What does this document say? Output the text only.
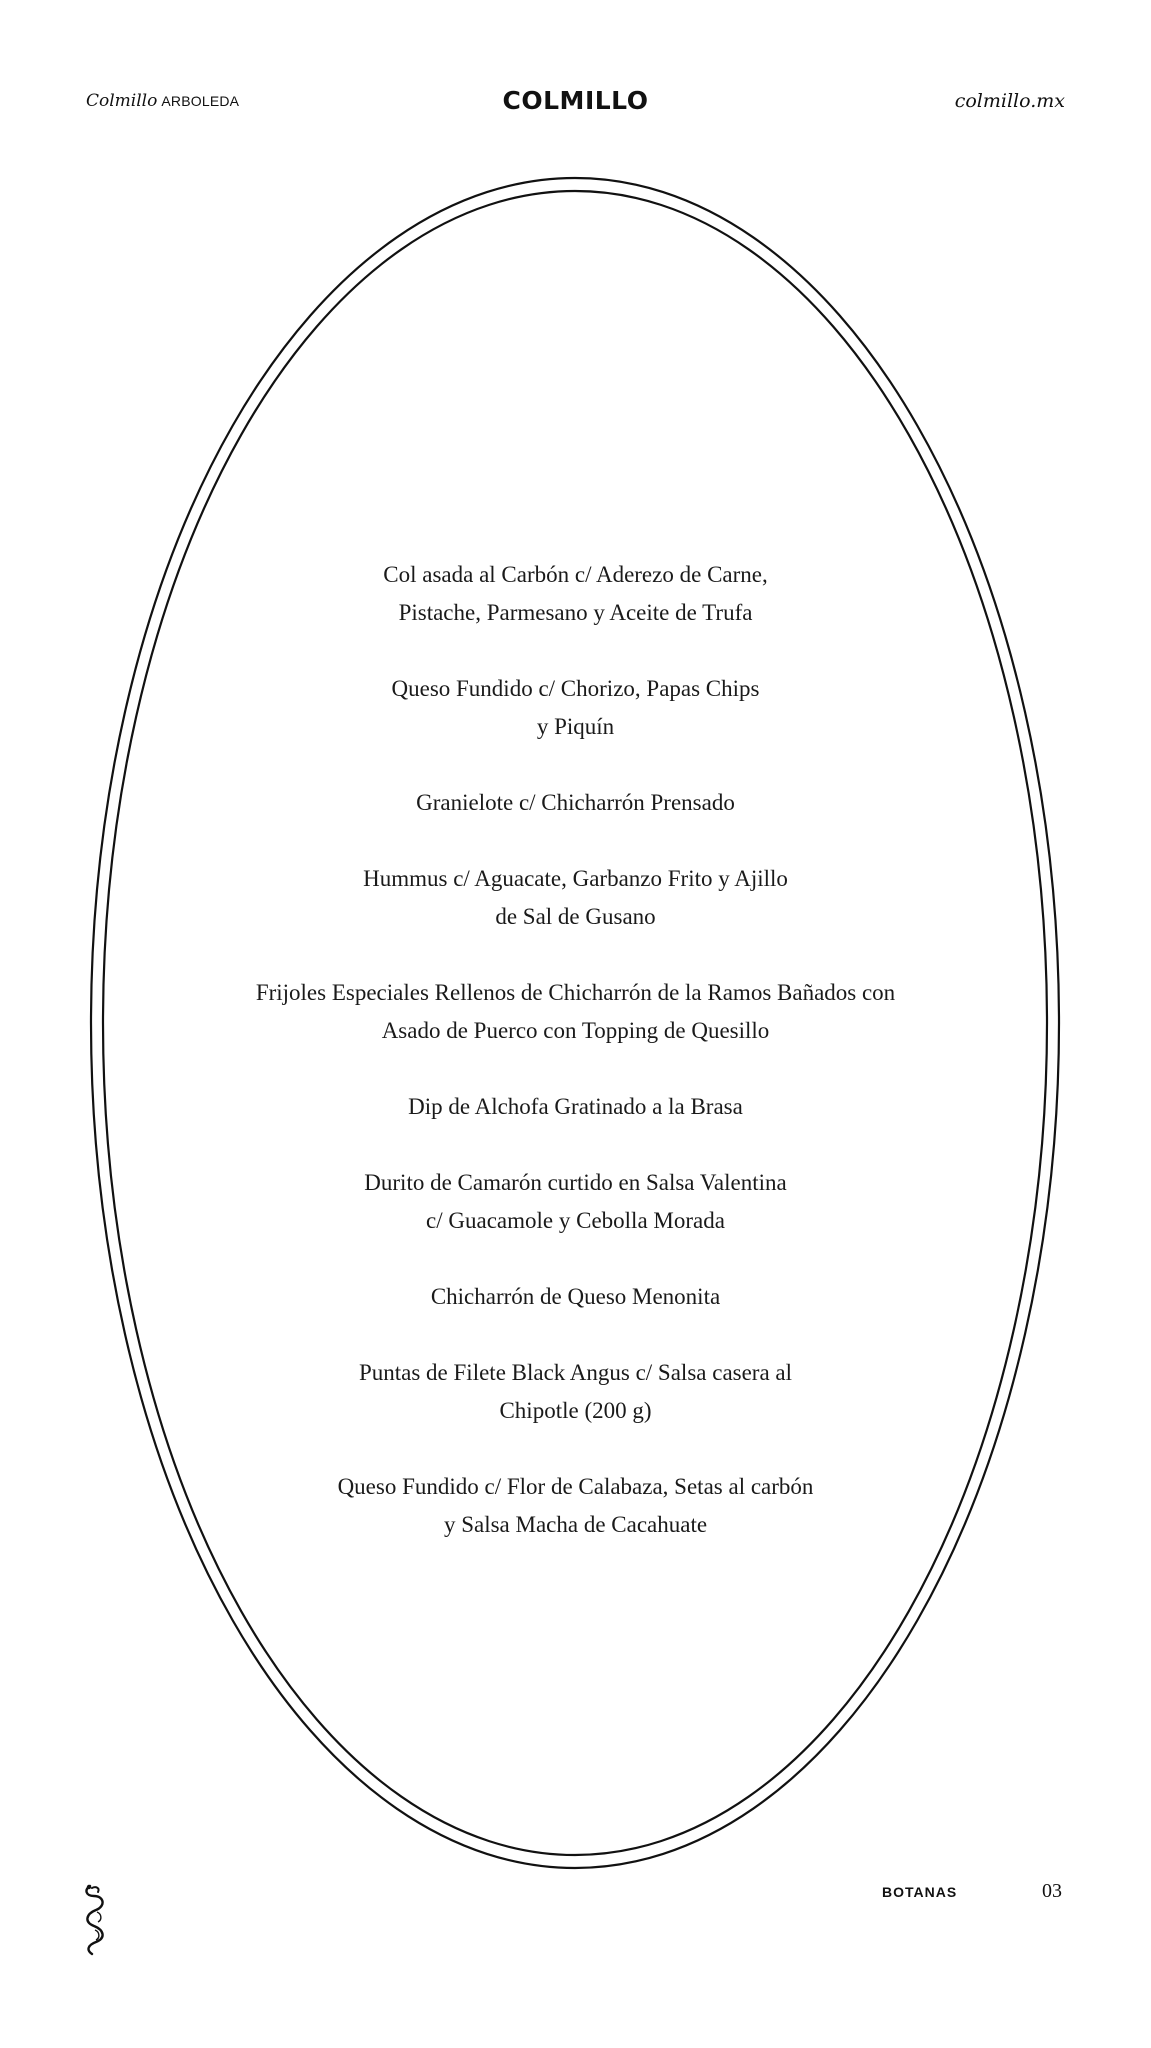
Colmillo ARBOLEDA	COLMILLO	colmillo.mx
Col asada al Carbón c/ Aderezo de Carne,
Pistache, Parmesano y Aceite de Trufa
Queso Fundido c/ Chorizo, Papas Chips
y Piquín
Granielote c/ Chicharrón Prensado
Hummus c/ Aguacate, Garbanzo Frito y Ajillo
de Sal de Gusano
Frijoles Especiales Rellenos de Chicharrón de la Ramos Bañados con
Asado de Puerco con Topping de Quesillo
Dip de Alchofa Gratinado a la Brasa
Durito de Camarón curtido en Salsa Valentina
c/ Guacamole y Cebolla Morada
Chicharrón de Queso Menonita
Puntas de Filete Black Angus c/ Salsa casera al
Chipotle (200 g)
Queso Fundido c/ Flor de Calabaza, Setas al carbón
y Salsa Macha de Cacahuate
BOTANAS	03
